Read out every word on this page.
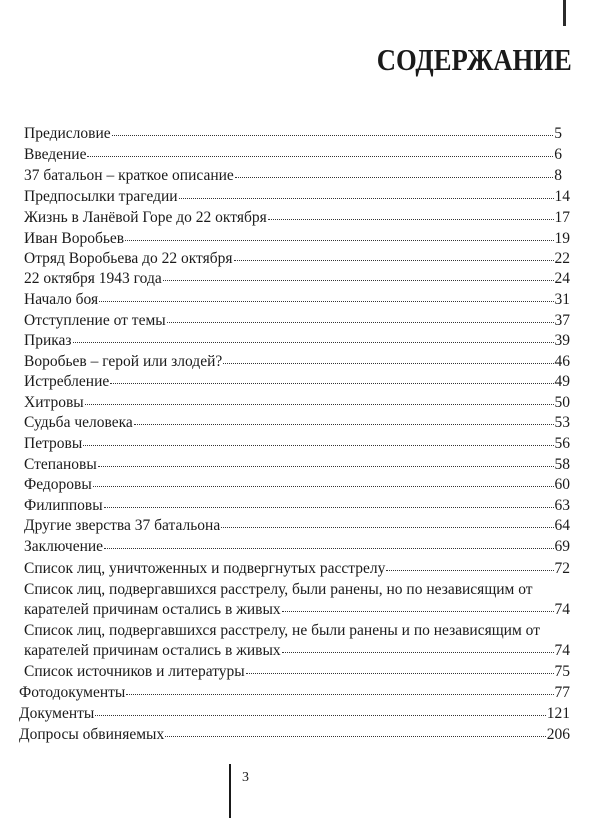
СОДЕРЖАНИЕ
Предисловие	5
Введение	6
37 батальон – краткое описание	8
Предпосылки трагедии	14
Жизнь в Ланёвой Горе до 22 октября	17
Иван Воробьев	19
Отряд Воробьева до 22 октября	22
22 октября 1943 года	24
Начало боя	31
Отступление от темы	37
Приказ	39
Воробьев – герой или злодей?	46
Истребление	49
Хитровы	50
Судьба человека	53
Петровы	56
Степановы	58
Федоровы	60
Филипповы	63
Другие зверства 37 батальона	64
Заключение	69
Список лиц, уничтоженных и подвергнутых расстрелу	72
Список лиц, подвергавшихся расстрелу, были ранены, но по независящим от
карателей причинам остались в живых	74
Список лиц, подвергавшихся расстрелу, не были ранены и по независящим от
карателей причинам остались в живых	74
Список источников и литературы	75
Фотодокументы	77
Документы	121
Допросы обвиняемых	206
3
